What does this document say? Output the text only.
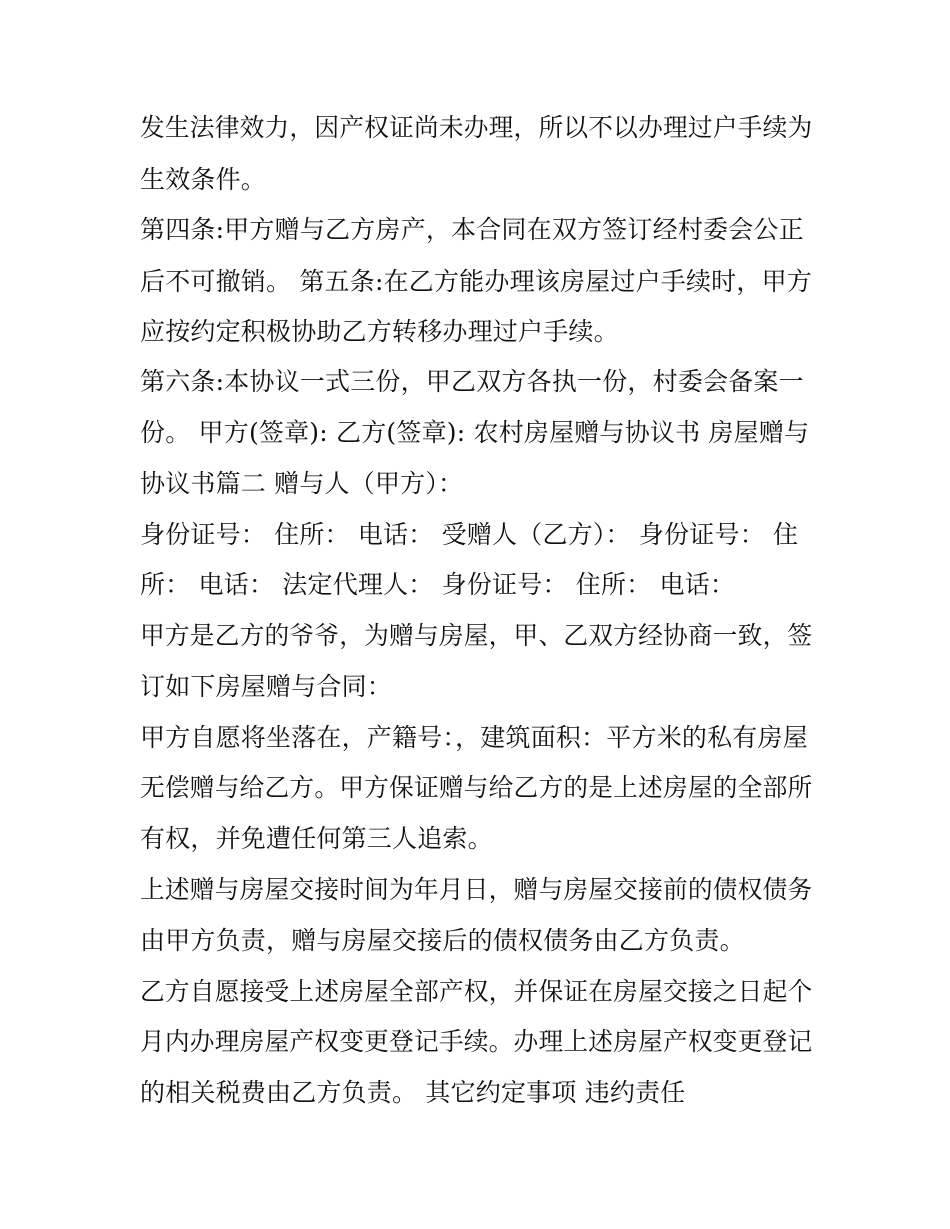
发生法律效力，因产权证尚未办理，所以不以办理过户手续为
生效条件。
第四条:甲方赠与乙方房产，本合同在双方签订经村委会公正
后不可撤销。 第五条:在乙方能办理该房屋过户手续时，甲方
应按约定积极协助乙方转移办理过户手续。
第六条:本协议一式三份，甲乙双方各执一份，村委会备案一
份。 甲方(签章): 乙方(签章): 农村房屋赠与协议书 房屋赠与
协议书篇二 赠与人（甲方）：
身份证号： 住所： 电话： 受赠人（乙方）： 身份证号： 住
所： 电话： 法定代理人： 身份证号： 住所： 电话：
甲方是乙方的爷爷，为赠与房屋，甲、乙双方经协商一致，签
订如下房屋赠与合同：
甲方自愿将坐落在，产籍号：，建筑面积：平方米的私有房屋
无偿赠与给乙方。甲方保证赠与给乙方的是上述房屋的全部所
有权，并免遭任何第三人追索。
上述赠与房屋交接时间为年月日，赠与房屋交接前的债权债务
由甲方负责，赠与房屋交接后的债权债务由乙方负责。
乙方自愿接受上述房屋全部产权，并保证在房屋交接之日起个
月内办理房屋产权变更登记手续。办理上述房屋产权变更登记
的相关税费由乙方负责。 其它约定事项 违约责任
